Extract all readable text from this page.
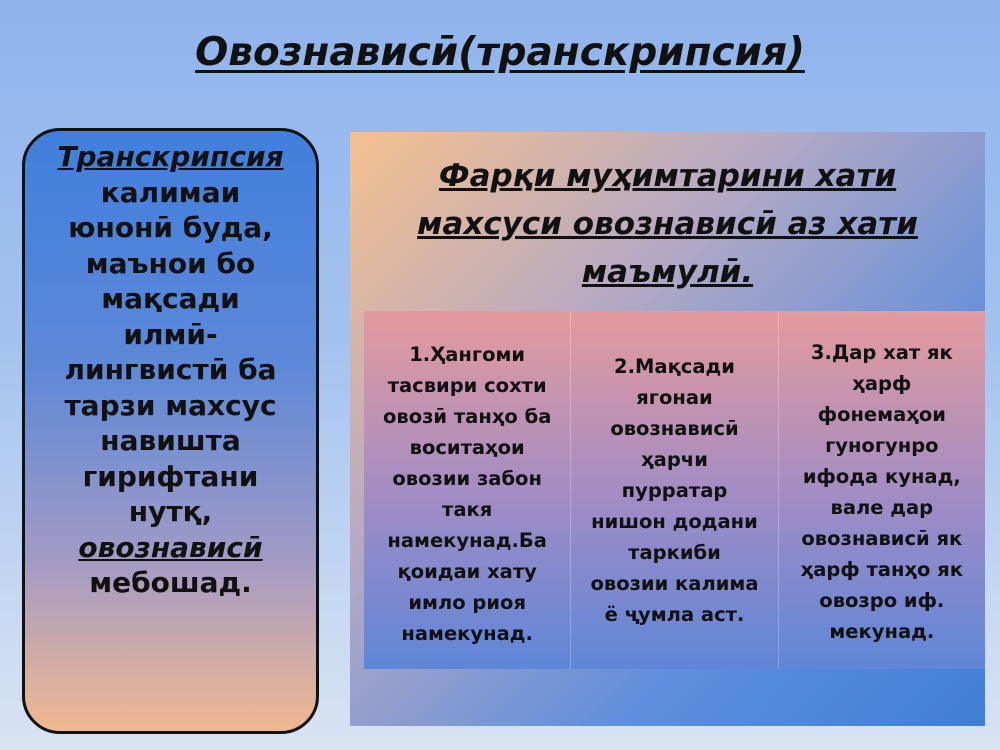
Овознависӣ(транскрипсия)
Транскрипсия
калимаи
юнонӣ буда,
маънои бо
мақсади
илмӣ-
лингвистӣ ба
тарзи махсус
навишта
гирифтани
нутқ,
овознависӣ
мебошад.
Фарқи муҳимтарини хати махсуси овознависӣ аз хати маъмулӣ.
1.Ҳангоми
тасвири сохти
овозӣ танҳо ба
воситаҳои
овозии забон
такя
намекунад.Ба
қоидаи хату
имло риоя
намекунад.
2.Мақсади
ягонаи
овознависӣ
ҳарчи
пурратар
нишон додани
таркиби
овозии калима
ё ҷумла аст.
3.Дар хат як
ҳарф
фонемаҳои
гуногунро
ифода кунад,
вале дар
овознависӣ як
ҳарф танҳо як
овозро иф.
мекунад.
